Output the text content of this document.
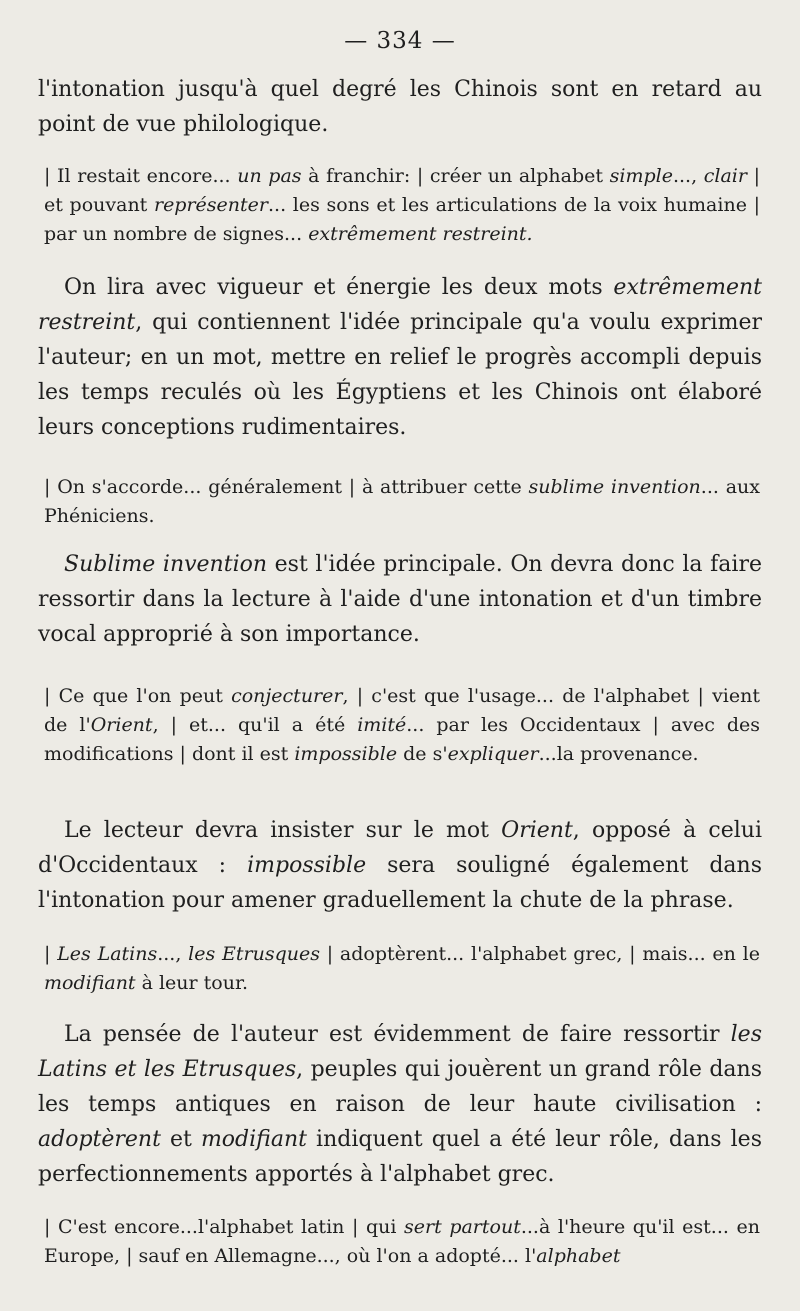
— 334 —

l'intonation jusqu'à quel degré les Chinois sont en retard au point de vue philologique.

| Il restait encore... un pas à franchir: | créer un alphabet simple..., clair | et pouvant représenter... les sons et les articulations de la voix humaine | par un nombre de signes... extrêmement restreint.

On lira avec vigueur et énergie les deux mots extrêmement restreint, qui contiennent l'idée principale qu'a voulu exprimer l'auteur; en un mot, mettre en relief le progrès accompli depuis les temps reculés où les Égyptiens et les Chinois ont élaboré leurs conceptions rudimentaires.

| On s'accorde... généralement | à attribuer cette sublime invention... aux Phéniciens.

Sublime invention est l'idée principale. On devra donc la faire ressortir dans la lecture à l'aide d'une intonation et d'un timbre vocal approprié à son importance.

| Ce que l'on peut conjecturer, | c'est que l'usage... de l'alphabet | vient de l'Orient, | et... qu'il a été imité... par les Occidentaux | avec des modifications | dont il est impossible de s'expliquer...la provenance.

Le lecteur devra insister sur le mot Orient, opposé à celui d'Occidentaux : impossible sera souligné également dans l'intonation pour amener graduellement la chute de la phrase.

| Les Latins..., les Etrusques | adoptèrent... l'alphabet grec, | mais... en le modifiant à leur tour.

La pensée de l'auteur est évidemment de faire ressortir les Latins et les Etrusques, peuples qui jouèrent un grand rôle dans les temps antiques en raison de leur haute civilisation : adoptèrent et modifiant indiquent quel a été leur rôle, dans les perfectionnements apportés à l'alphabet grec.

| C'est encore...l'alphabet latin | qui sert partout...à l'heure qu'il est... en Europe, | sauf en Allemagne..., où l'on a adopté... l'alphabet
